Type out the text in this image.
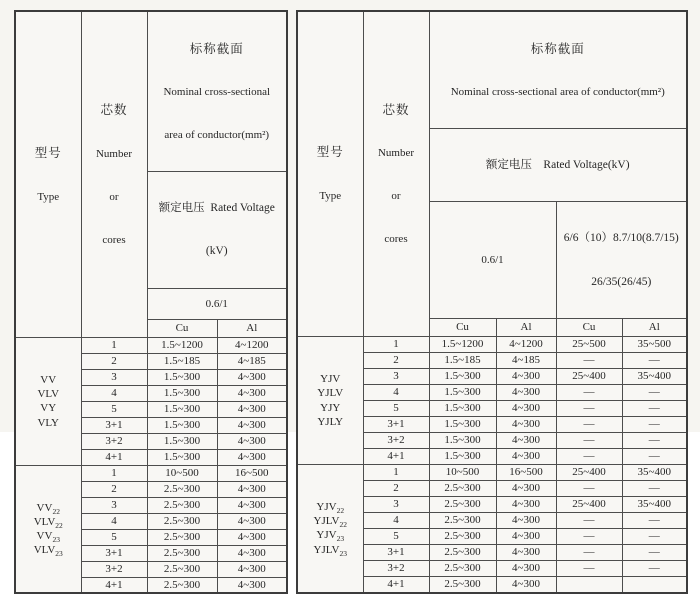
型号

Type

芯数

Number

or

cores

标称截面

Nominal cross-sectional

area of conductor(mm²)

		额定电压  Rated Voltage

(kV)	

		0.6/1	
		Cu	Al

VV
VLV
VY
VLY	1	1.5~1200	4~1200
	2	1.5~185	4~185
	3	1.5~300	4~300
	4	1.5~300	4~300
	5	1.5~300	4~300
	3+1	1.5~300	4~300
	3+2	1.5~300	4~300
	4+1	1.5~300	4~300

$VV_{22}$
$VLV_{22}$
$VV_{23}$
$VLV_{23}$	1	10~500	16~500
	2	2.5~300	4~300
	3	2.5~300	4~300
	4	2.5~300	4~300
	5	2.5~300	4~300
	3+1	2.5~300	4~300
	3+2	2.5~300	4~300
	4+1	2.5~300	4~300

型号

Type

芯数

Number

or

cores

标称截面

Nominal cross-sectional area of conductor(mm²)

		额定电压　Rated Voltage(kV)			

		0.6/1		6/6（10）8.7/10(8.7/15)

26/35(26/45)	

		Cu	Al	Cu	Al

YJV
YJLV
YJY
YJLY	1	1.5~1200	4~1200	25~500	35~500
	2	1.5~185	4~185	—	—
	3	1.5~300	4~300	25~400	35~400
	4	1.5~300	4~300	—	—
	5	1.5~300	4~300	—	—
	3+1	1.5~300	4~300	—	—
	3+2	1.5~300	4~300	—	—
	4+1	1.5~300	4~300	—	—

$YJV_{22}$
$YJLV_{22}$
$YJV_{23}$
$YJLV_{23}$	1	10~500	16~500	25~400	35~400
	2	2.5~300	4~300	—	—
	3	2.5~300	4~300	25~400	35~400
	4	2.5~300	4~300	—	—
	5	2.5~300	4~300	—	—
	3+1	2.5~300	4~300	—	—
	3+2	2.5~300	4~300	—	—
	4+1	2.5~300	4~300		
